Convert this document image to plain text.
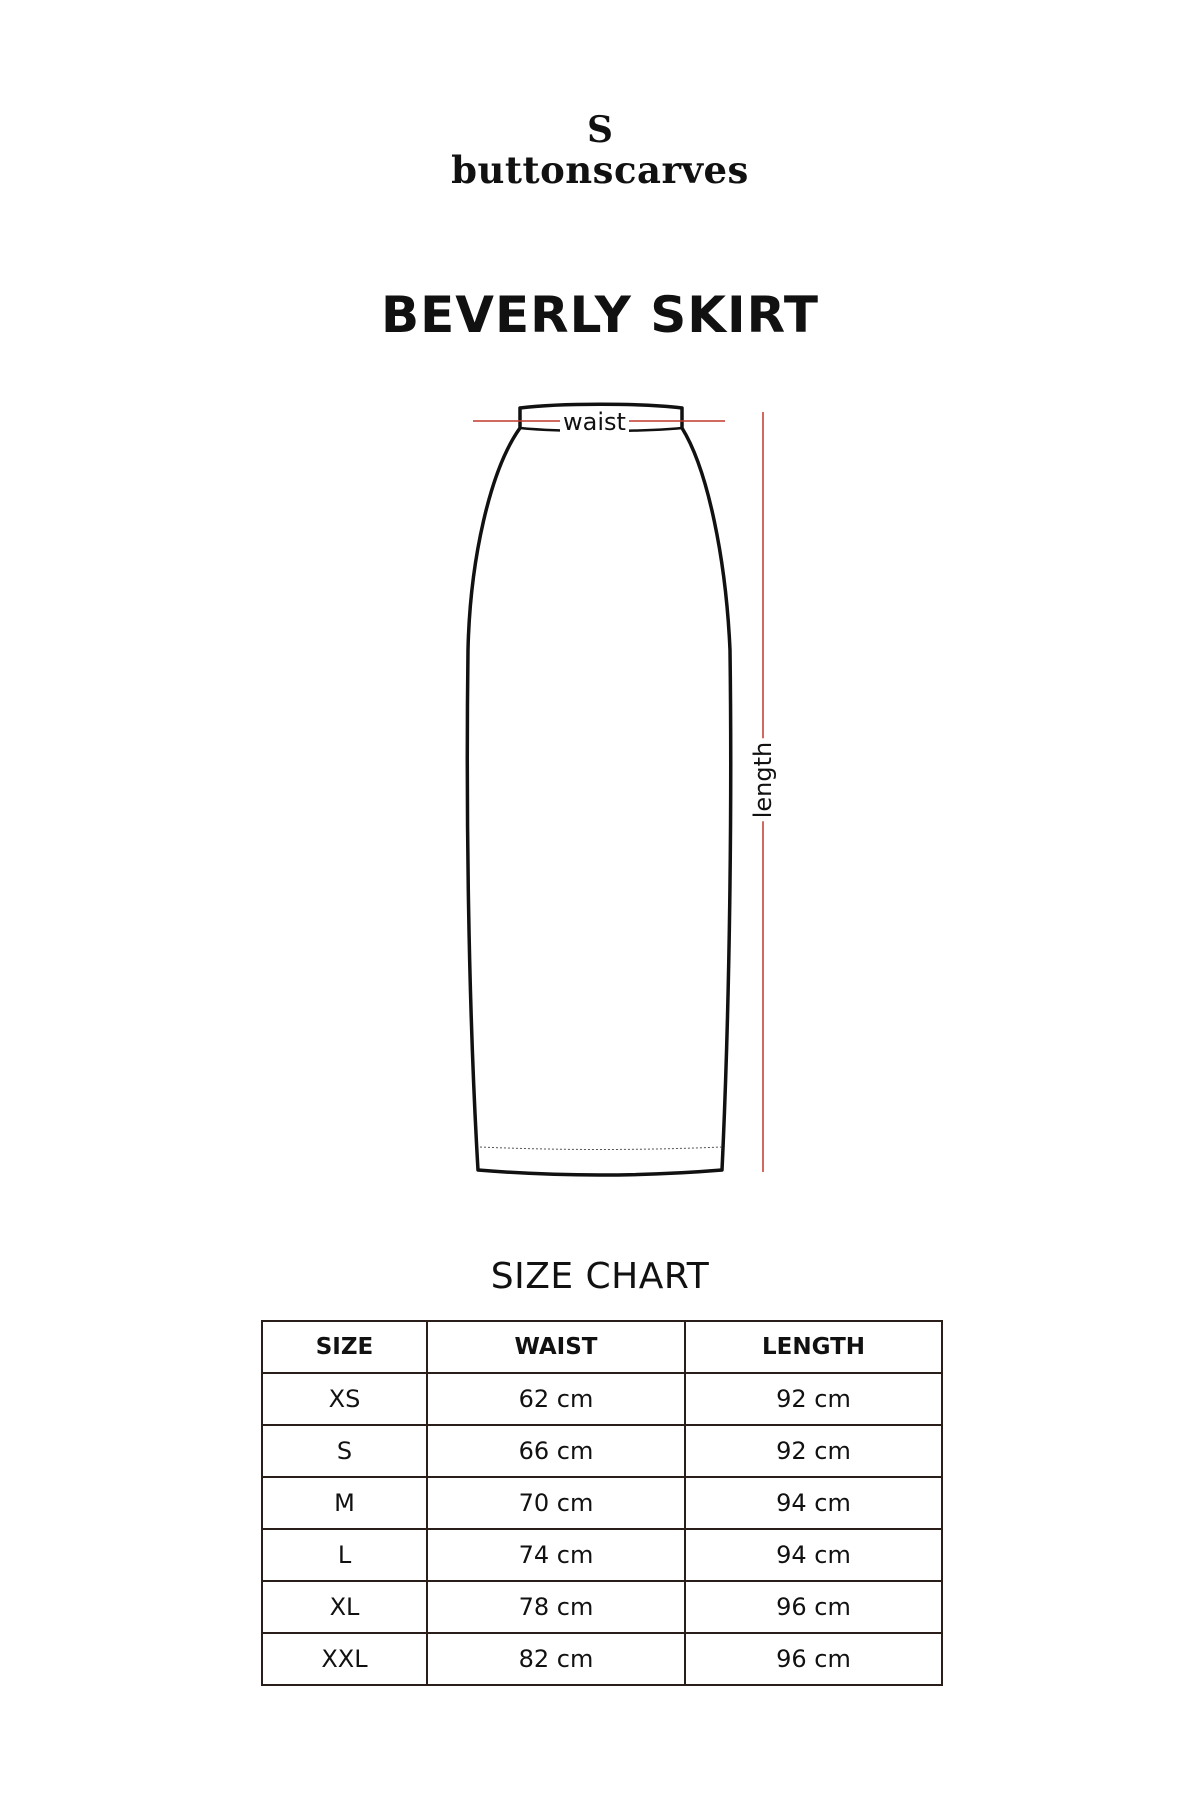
S
buttonscarves
BEVERLY SKIRT
waist
length
SIZE CHART
SIZE	WAIST	LENGTH
XS	62 cm	92 cm
S	66 cm	92 cm
M	70 cm	94 cm
L	74 cm	94 cm
XL	78 cm	96 cm
XXL	82 cm	96 cm
